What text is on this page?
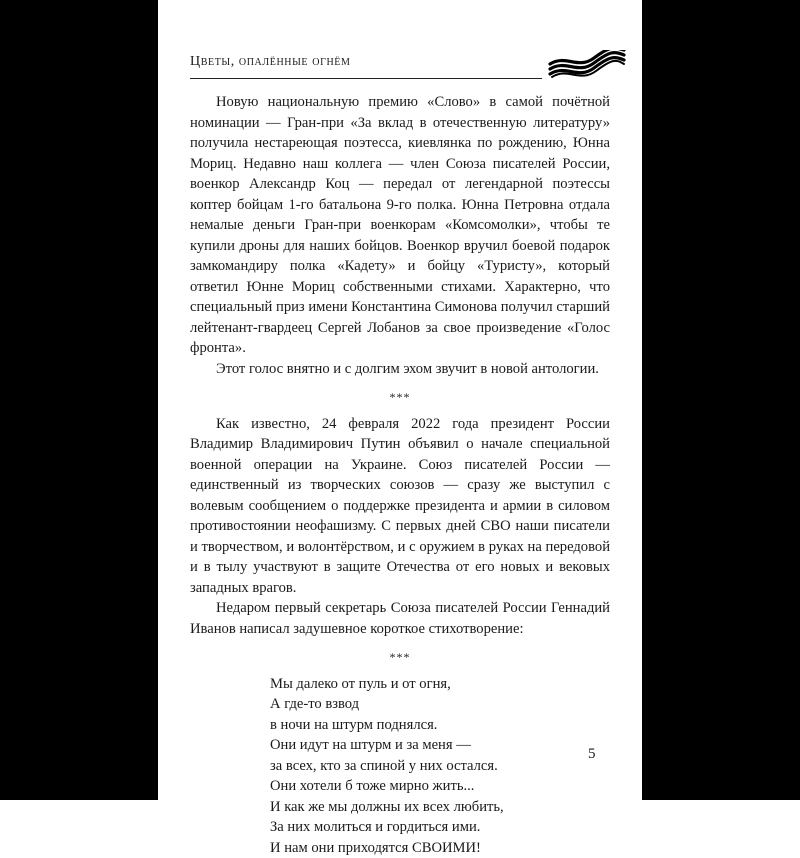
Цветы, опалённые огнём

Новую национальную премию «Слово» в самой почётной номинации — Гран-при «За вклад в отечественную литературу» получила нестареющая поэтесса, киевлянка по рождению, Юнна Мориц. Недавно наш коллега — член Союза писателей России, военкор Александр Коц — передал от легендарной поэтессы коптер бойцам 1-го батальона 9-го полка. Юнна Петровна отдала немалые деньги Гран-при военкорам «Комсомолки», чтобы те купили дроны для наших бойцов. Военкор вручил боевой подарок замкомандиру полка «Кадету» и бойцу «Туристу», который ответил Юнне Мориц собственными стихами. Характерно, что специальный приз имени Константина Симонова получил старший лейтенант-гвардеец Сергей Лобанов за свое произведение «Голос фронта».

Этот голос внятно и с долгим эхом звучит в новой антологии.

***

Как известно, 24 февраля 2022 года президент России Владимир Владимирович Путин объявил о начале специальной военной операции на Украине. Союз писателей России — единственный из творческих союзов — сразу же выступил с волевым сообщением о поддержке президента и армии в силовом противостоянии неофашизму. С первых дней СВО наши писатели и творчеством, и волонтёрством, и с оружием в руках на передовой и в тылу участвуют в защите Отечества от его новых и вековых западных врагов.

Недаром первый секретарь Союза писателей России Геннадий Иванов написал задушевное короткое стихотворение:

***
Мы далеко от пуль и от огня,
А где-то взвод
в ночи на штурм поднялся.
Они идут на штурм и за меня —
за всех, кто за спиной у них остался.
Они хотели б тоже мирно жить...
И как же мы должны их всех любить,
За них молиться и гордиться ими.
И нам они приходятся СВОИМИ!
5
